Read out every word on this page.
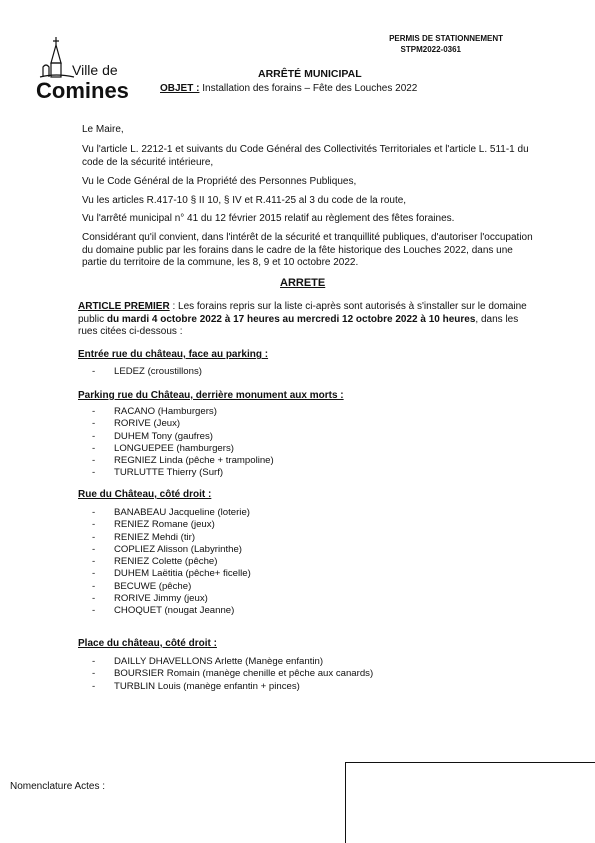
Ville de
Comines
PERMIS DE STATIONNEMENT
STPM2022-0361
ARRÊTÉ MUNICIPAL
OBJET : Installation des forains – Fête des Louches 2022
Le Maire,
Vu l'article L. 2212-1 et suivants du Code Général des Collectivités Territoriales et l'article L. 511-1 du code de la sécurité intérieure,
Vu le Code Général de la Propriété des Personnes Publiques,
Vu les articles R.417-10 § II 10, § IV et R.411-25 al 3 du code de la route,
Vu l'arrêté municipal n° 41 du 12 février 2015 relatif au règlement des fêtes foraines.
Considérant qu'il convient, dans l'intérêt de la sécurité et tranquillité publiques, d'autoriser l'occupation du domaine public par les forains dans le cadre de la fête historique des Louches 2022, dans une partie du territoire de la commune, les 8, 9 et 10 octobre 2022.
ARRETE
ARTICLE PREMIER : Les forains repris sur la liste ci-après sont autorisés à s'installer sur le domaine public du mardi 4 octobre 2022 à 17 heures au mercredi 12 octobre 2022 à 10 heures, dans les rues citées ci-dessous :
Entrée rue du château, face au parking :
- LEDEZ (croustillons)
Parking rue du Château, derrière monument aux morts :
- RACANO (Hamburgers)
- RORIVE (Jeux)
- DUHEM Tony (gaufres)
- LONGUEPEE (hamburgers)
- REGNIEZ Linda (pêche + trampoline)
- TURLUTTE Thierry (Surf)
Rue du Château, côté droit :
- BANABEAU Jacqueline (loterie)
- RENIEZ Romane (jeux)
- RENIEZ Mehdi (tir)
- COPLIEZ Alisson (Labyrinthe)
- RENIEZ Colette (pêche)
- DUHEM Laëtitia (pêche+ ficelle)
- BECUWE (pêche)
- RORIVE Jimmy (jeux)
- CHOQUET (nougat Jeanne)
Place du château, côté droit :
- DAILLY DHAVELLONS Arlette (Manège enfantin)
- BOURSIER Romain (manège chenille et pêche aux canards)
- TURBLIN Louis (manège enfantin + pinces)
Nomenclature Actes :
